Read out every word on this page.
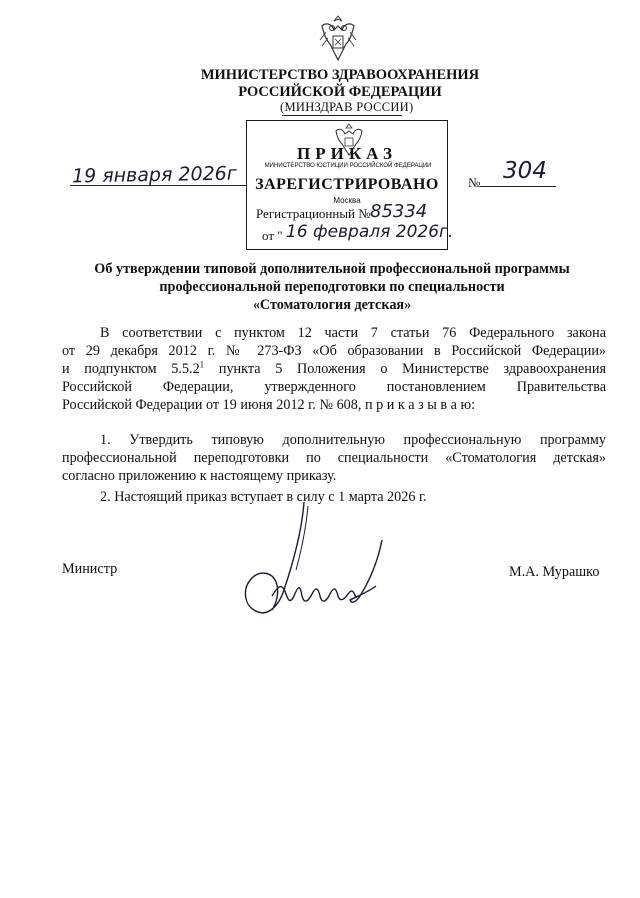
МИНИСТЕРСТВО ЗДРАВООХРАНЕНИЯ
РОССИЙСКОЙ ФЕДЕРАЦИИ
(МИНЗДРАВ РОССИИ)
19 января 2026г	№ 304
ПРИКАЗ
МИНИСТЕРСТВО ЮСТИЦИИ РОССИЙСКОЙ ФЕДЕРАЦИИ
ЗАРЕГИСТРИРОВАНО
Москва
Регистрационный № 85334
от " 16 февраля 2026г.
Об утверждении типовой дополнительной профессиональной программы
профессиональной переподготовки по специальности
«Стоматология детская»
В соответствии с пунктом 12 части 7 статьи 76 Федерального закона
от 29 декабря 2012 г. № 273-ФЗ «Об образовании в Российской Федерации»
и подпунктом 5.5.2$^1$ пункта 5 Положения о Министерстве здравоохранения
Российской Федерации, утвержденного постановлением Правительства
Российской Федерации от 19 июня 2012 г. № 608, п р и к а з ы в а ю:
1. Утвердить типовую дополнительную профессиональную программу
профессиональной переподготовки по специальности «Стоматология детская»
согласно приложению к настоящему приказу.
2. Настоящий приказ вступает в силу с 1 марта 2026 г.
Министр	М.А. Мурашко
